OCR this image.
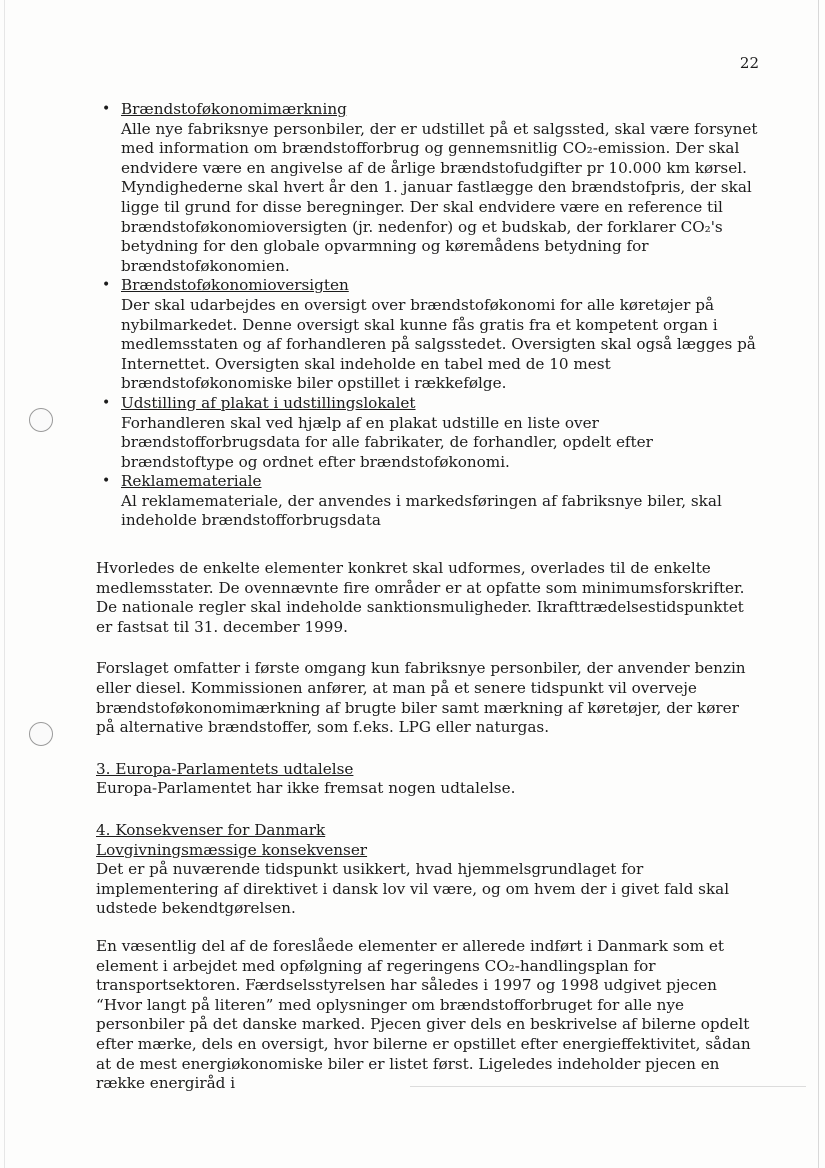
22
• Brændstoføkonomimærkning
Alle nye fabriksnye personbiler, der er udstillet på et salgssted, skal være forsynet med information om brændstofforbrug og gennemsnitlig CO₂-emission. Der skal endvidere være en angivelse af de årlige brændstofudgifter pr 10.000 km kørsel. Myndighederne skal hvert år den 1. januar fastlægge den brændstofpris, der skal ligge til grund for disse beregninger. Der skal endvidere være en reference til brændstoføkonomioversigten (jr. nedenfor) og et budskab, der forklarer CO₂'s betydning for den globale opvarmning og køremådens betydning for brændstoføkonomien.
• Brændstoføkonomioversigten
Der skal udarbejdes en oversigt over brændstoføkonomi for alle køretøjer på nybilmarkedet. Denne oversigt skal kunne fås gratis fra et kompetent organ i medlemsstaten og af forhandleren på salgsstedet. Oversigten skal også lægges på Internettet. Oversigten skal indeholde en tabel med de 10 mest brændstoføkonomiske biler opstillet i rækkefølge.
• Udstilling af plakat i udstillingslokalet
Forhandleren skal ved hjælp af en plakat udstille en liste over brændstofforbrugsdata for alle fabrikater, de forhandler, opdelt efter brændstoftype og ordnet efter brændstoføkonomi.
• Reklamemateriale
Al reklamemateriale, der anvendes i markedsføringen af fabriksnye biler, skal indeholde brændstofforbrugsdata

Hvorledes de enkelte elementer konkret skal udformes, overlades til de enkelte medlemsstater. De ovennævnte fire områder er at opfatte som minimumsforskrifter. De nationale regler skal indeholde sanktionsmuligheder. Ikrafttrædelsestidspunktet er fastsat til 31. december 1999.

Forslaget omfatter i første omgang kun fabriksnye personbiler, der anvender benzin eller diesel. Kommissionen anfører, at man på et senere tidspunkt vil overveje brændstoføkonomimærkning af brugte biler samt mærkning af køretøjer, der kører på alternative brændstoffer, som f.eks. LPG eller naturgas.

3. Europa-Parlamentets udtalelse

Europa-Parlamentet har ikke fremsat nogen udtalelse.

4. Konsekvenser for Danmark
Lovgivningsmæssige konsekvenser

Det er på nuværende tidspunkt usikkert, hvad hjemmelsgrundlaget for implementering af direktivet i dansk lov vil være, og om hvem der i givet fald skal udstede bekendtgørelsen.

En væsentlig del af de foreslåede elementer er allerede indført i Danmark som et element i arbejdet med opfølgning af regeringens CO₂-handlingsplan for transportsektoren. Færdselsstyrelsen har således i 1997 og 1998 udgivet pjecen “Hvor langt på literen” med oplysninger om brændstofforbruget for alle nye personbiler på det danske marked. Pjecen giver dels en beskrivelse af bilerne opdelt efter mærke, dels en oversigt, hvor bilerne er opstillet efter energieffektivitet, sådan at de mest energiøkonomiske biler er listet først. Ligeledes indeholder pjecen en række energiråd i
